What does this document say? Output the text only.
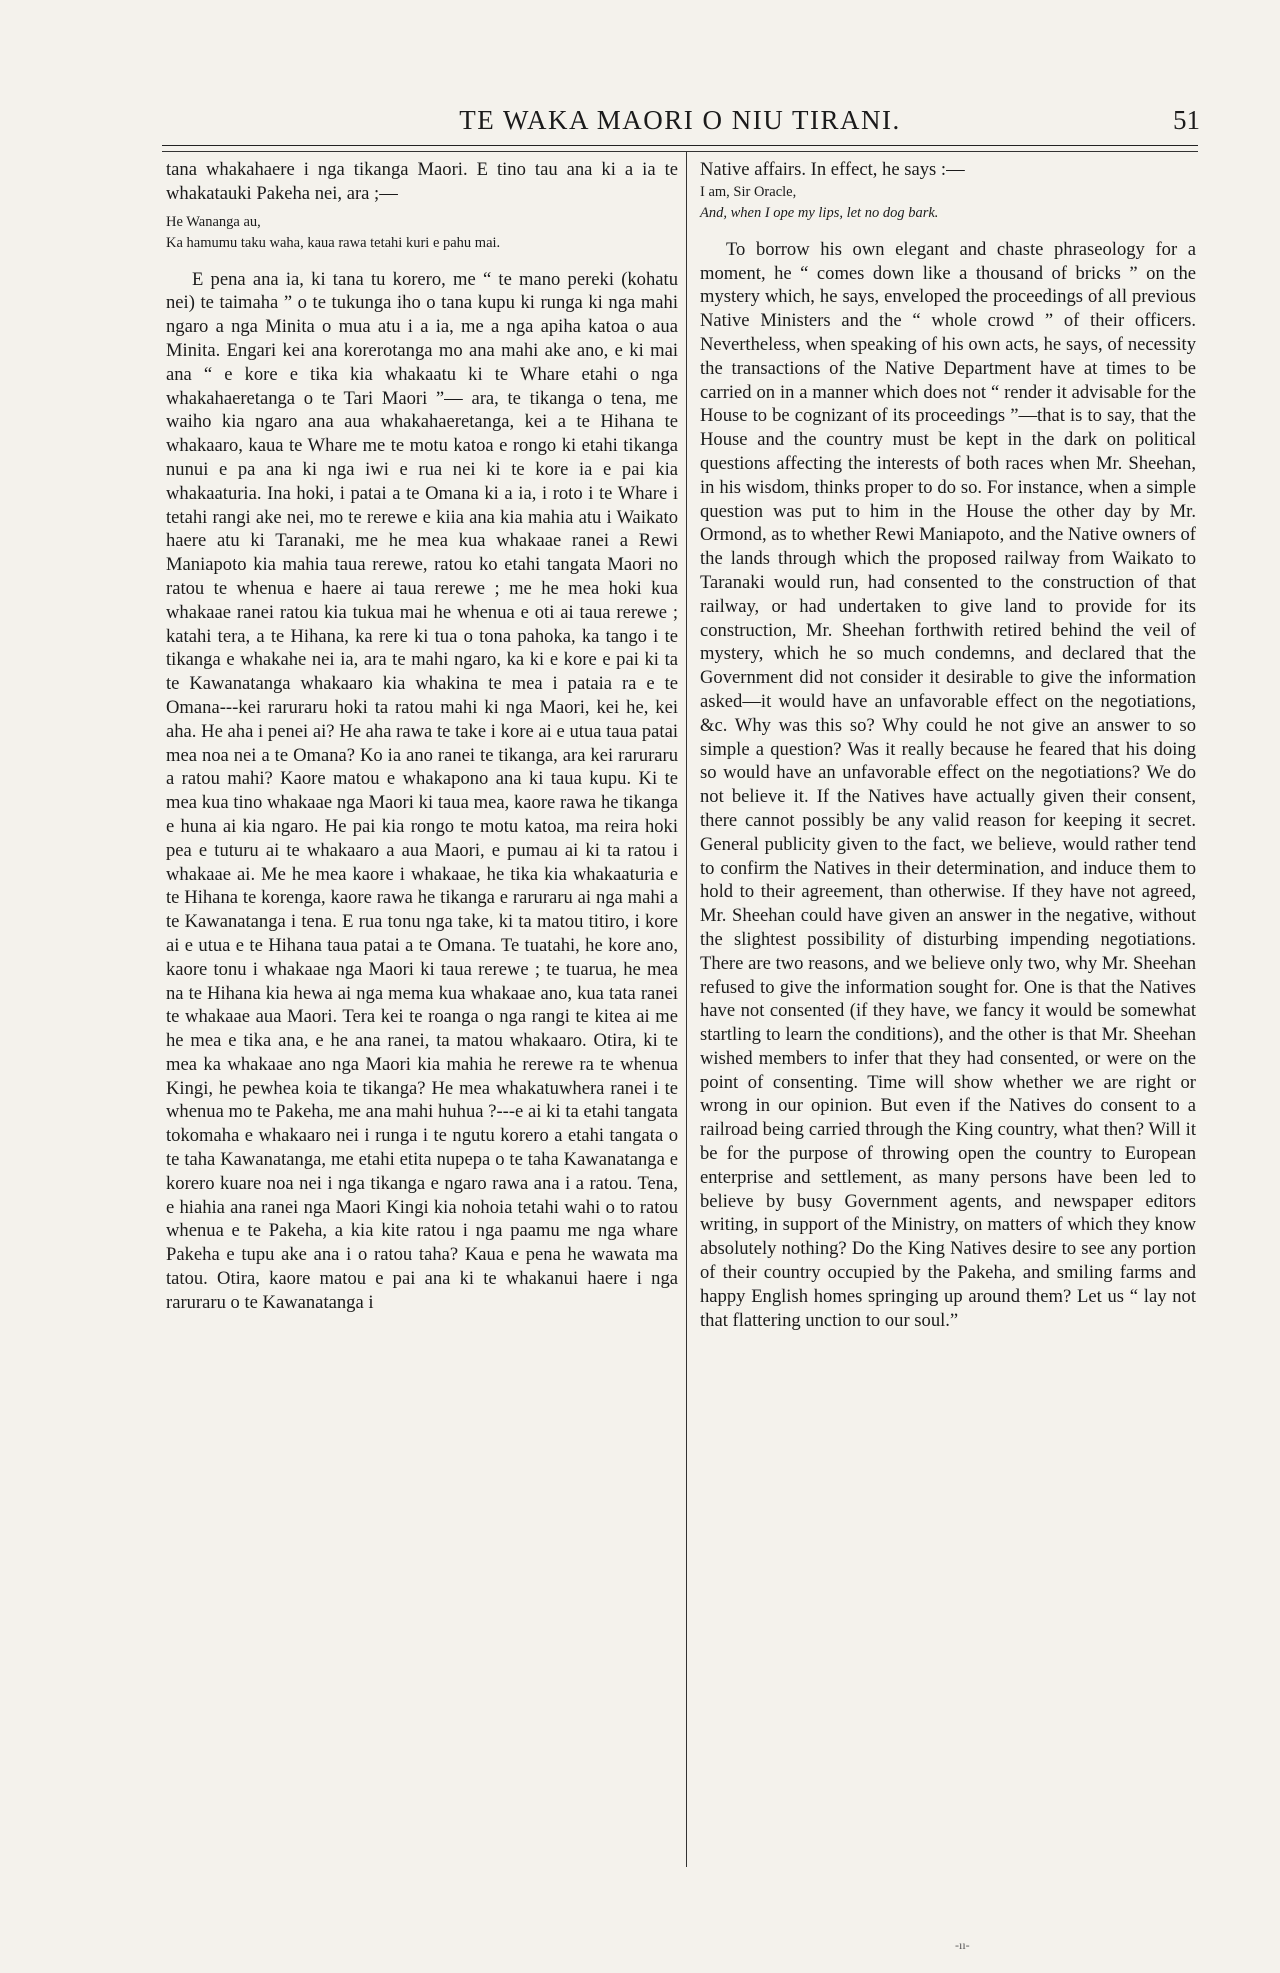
TE WAKA MAORI O NIU TIRANI.	51

tana whakahaere i nga tikanga Maori. E tino tau ana ki a ia te whakatauki Pakeha nei, ara ;—

He Wananga au,

Ka hamumu taku waha, kaua rawa tetahi kuri e pahu mai.

E pena ana ia, ki tana tu korero, me “ te mano pereki (kohatu nei) te taimaha ” o te tukunga iho o tana kupu ki runga ki nga mahi ngaro a nga Minita o mua atu i a ia, me a nga apiha katoa o aua Minita. Engari kei ana korerotanga mo ana mahi ake ano, e ki mai ana “ e kore e tika kia whakaatu ki te Whare etahi o nga whakahaeretanga o te Tari Maori ”— ara, te tikanga o tena, me waiho kia ngaro ana aua whakahaeretanga, kei a te Hihana te whakaaro, kaua te Whare me te motu katoa e rongo ki etahi tikanga nunui e pa ana ki nga iwi e rua nei ki te kore ia e pai kia whakaaturia. Ina hoki, i patai a te Omana ki a ia, i roto i te Whare i tetahi rangi ake nei, mo te rerewe e kiia ana kia mahia atu i Waikato haere atu ki Taranaki, me he mea kua whakaae ranei a Rewi Maniapoto kia mahia taua rerewe, ratou ko etahi tangata Maori no ratou te whenua e haere ai taua rerewe ; me he mea hoki kua whakaae ranei ratou kia tukua mai he whenua e oti ai taua rerewe ; katahi tera, a te Hihana, ka rere ki tua o tona pahoka, ka tango i te tikanga e whakahe nei ia, ara te mahi ngaro, ka ki e kore e pai ki ta te Kawanatanga whakaaro kia whakina te mea i pataia ra e te Omana---kei raruraru hoki ta ratou mahi ki nga Maori, kei he, kei aha. He aha i penei ai? He aha rawa te take i kore ai e utua taua patai mea noa nei a te Omana? Ko ia ano ranei te tikanga, ara kei raruraru a ratou mahi? Kaore matou e whakapono ana ki taua kupu. Ki te mea kua tino whakaae nga Maori ki taua mea, kaore rawa he tikanga e huna ai kia ngaro. He pai kia rongo te motu katoa, ma reira hoki pea e tuturu ai te whakaaro a aua Maori, e pumau ai ki ta ratou i whakaae ai. Me he mea kaore i whakaae, he tika kia whakaaturia e te Hihana te korenga, kaore rawa he tikanga e raruraru ai nga mahi a te Kawanatanga i tena. E rua tonu nga take, ki ta matou titiro, i kore ai e utua e te Hihana taua patai a te Omana. Te tuatahi, he kore ano, kaore tonu i whakaae nga Maori ki taua rerewe ; te tuarua, he mea na te Hihana kia hewa ai nga mema kua whakaae ano, kua tata ranei te whakaae aua Maori. Tera kei te roanga o nga rangi te kitea ai me he mea e tika ana, e he ana ranei, ta matou whakaaro. Otira, ki te mea ka whakaae ano nga Maori kia mahia he rerewe ra te whenua Kingi, he pewhea koia te tikanga? He mea whakatuwhera ranei i te whenua mo te Pakeha, me ana mahi huhua ?---e ai ki ta etahi tangata tokomaha e whakaaro nei i runga i te ngutu korero a etahi tangata o te taha Kawanatanga, me etahi etita nupepa o te taha Kawanatanga e korero kuare noa nei i nga tikanga e ngaro rawa ana i a ratou. Tena, e hiahia ana ranei nga Maori Kingi kia nohoia tetahi wahi o to ratou whenua e te Pakeha, a kia kite ratou i nga paamu me nga whare Pakeha e tupu ake ana i o ratou taha? Kaua e pena he wawata ma tatou. Otira, kaore matou e pai ana ki te whakanui haere i nga raruraru o te Kawanatanga i

Native affairs. In effect, he says :—

I am, Sir Oracle,

And, when I ope my lips, let no dog bark.

To borrow his own elegant and chaste phraseology for a moment, he “ comes down like a thousand of bricks ” on the mystery which, he says, enveloped the proceedings of all previous Native Ministers and the “ whole crowd ” of their officers. Nevertheless, when speaking of his own acts, he says, of necessity the transactions of the Native Department have at times to be carried on in a manner which does not “ render it advisable for the House to be cognizant of its proceedings ”—that is to say, that the House and the country must be kept in the dark on political questions affecting the interests of both races when Mr. Sheehan, in his wisdom, thinks proper to do so. For instance, when a simple question was put to him in the House the other day by Mr. Ormond, as to whether Rewi Maniapoto, and the Native owners of the lands through which the proposed railway from Waikato to Taranaki would run, had consented to the construction of that railway, or had undertaken to give land to provide for its construction, Mr. Sheehan forthwith retired behind the veil of mystery, which he so much condemns, and declared that the Government did not consider it desirable to give the information asked—it would have an unfavorable effect on the negotiations, &c. Why was this so? Why could he not give an answer to so simple a question? Was it really because he feared that his doing so would have an unfavorable effect on the negotiations? We do not believe it. If the Natives have actually given their consent, there cannot possibly be any valid reason for keeping it secret. General publicity given to the fact, we believe, would rather tend to confirm the Natives in their determination, and induce them to hold to their agreement, than otherwise. If they have not agreed, Mr. Sheehan could have given an answer in the negative, without the slightest possibility of disturbing impending negotiations. There are two reasons, and we believe only two, why Mr. Sheehan refused to give the information sought for. One is that the Natives have not consented (if they have, we fancy it would be somewhat startling to learn the conditions), and the other is that Mr. Sheehan wished members to infer that they had consented, or were on the point of consenting. Time will show whether we are right or wrong in our opinion. But even if the Natives do consent to a railroad being carried through the King country, what then? Will it be for the purpose of throwing open the country to European enterprise and settlement, as many persons have been led to believe by busy Government agents, and newspaper editors writing, in support of the Ministry, on matters of which they know absolutely nothing? Do the King Natives desire to see any portion of their country occupied by the Pakeha, and smiling farms and happy English homes springing up around them? Let us “ lay not that flattering unction to our soul.”

-ıı-
